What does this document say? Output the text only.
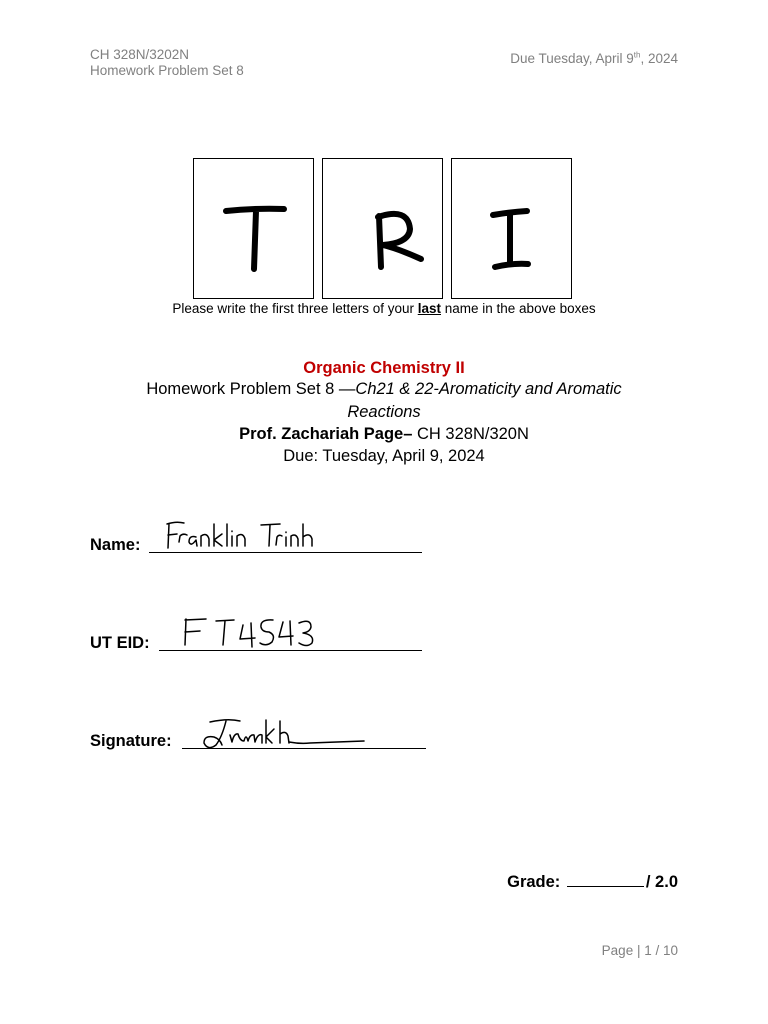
CH 328N/3202N
Homework Problem Set 8
Due Tuesday, April 9th, 2024
Please write the first three letters of your last name in the above boxes
Organic Chemistry II
Homework Problem Set 8 —Ch21 & 22-Aromaticity and Aromatic Reactions
Prof. Zachariah Page– CH 328N/320N
Due: Tuesday, April 9, 2024
Name:
Franklin Trinh
UT EID:
FT4543
Signature:
Grade:	/ 2.0
Page | 1 / 10
